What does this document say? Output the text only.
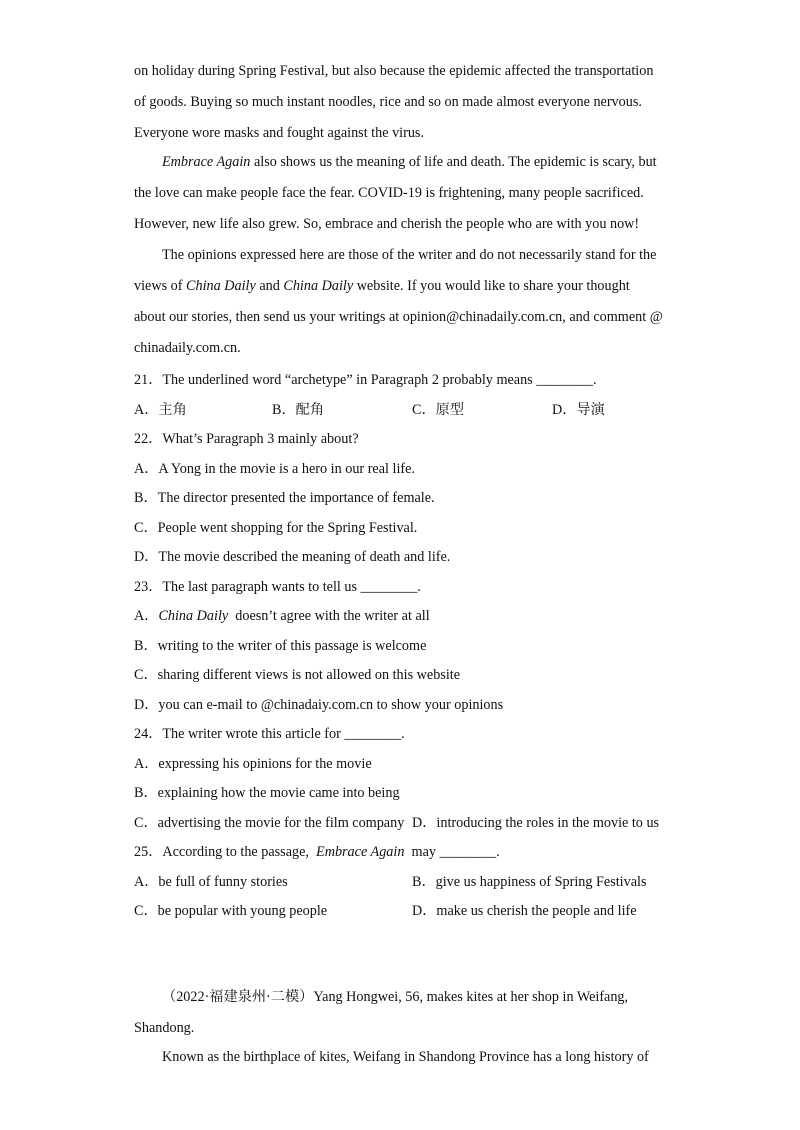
on holiday during Spring Festival, but also because the epidemic affected the transportation

of goods. Buying so much instant noodles, rice and so on made almost everyone nervous.

Everyone wore masks and fought against the virus.

Embrace Again also shows us the meaning of life and death. The epidemic is scary, but the love can make people face the fear. COVID-19 is frightening, many people sacrificed. However, new life also grew. So, embrace and cherish the people who are with you now!

The opinions expressed here are those of the writer and do not necessarily stand for the views of China Daily and China Daily website. If you would like to share your thought about our stories, then send us your writings at opinion@chinadaily.com.cn, and comment @ chinadaily.com.cn.

21．The underlined word “archetype” in Paragraph 2 probably means ________.

A．主角	B．配角	C．原型	D．导演

22．What’s Paragraph 3 mainly about?

A．A Yong in the movie is a hero in our real life.
B．The director presented the importance of female.
C．People went shopping for the Spring Festival.
D．The movie described the meaning of death and life.

23．The last paragraph wants to tell us ________.

A．China Daily doesn’t agree with the writer at all
B．writing to the writer of this passage is welcome
C．sharing different views is not allowed on this website
D．you can e-mail to @chinadaiy.com.cn to show your opinions

24．The writer wrote this article for ________.

A．expressing his opinions for the movie
B．explaining how the movie came into being
C．advertising the movie for the film company D．introducing the roles in the movie to us

25．According to the passage, Embrace Again may ________.

A．be full of funny stories	B．give us happiness of Spring Festivals
C．be popular with young people	D．make us cherish the people and life

（2022·福建泉州·二模）Yang Hongwei, 56, makes kites at her shop in Weifang,

Shandong.

Known as the birthplace of kites, Weifang in Shandong Province has a long history of
